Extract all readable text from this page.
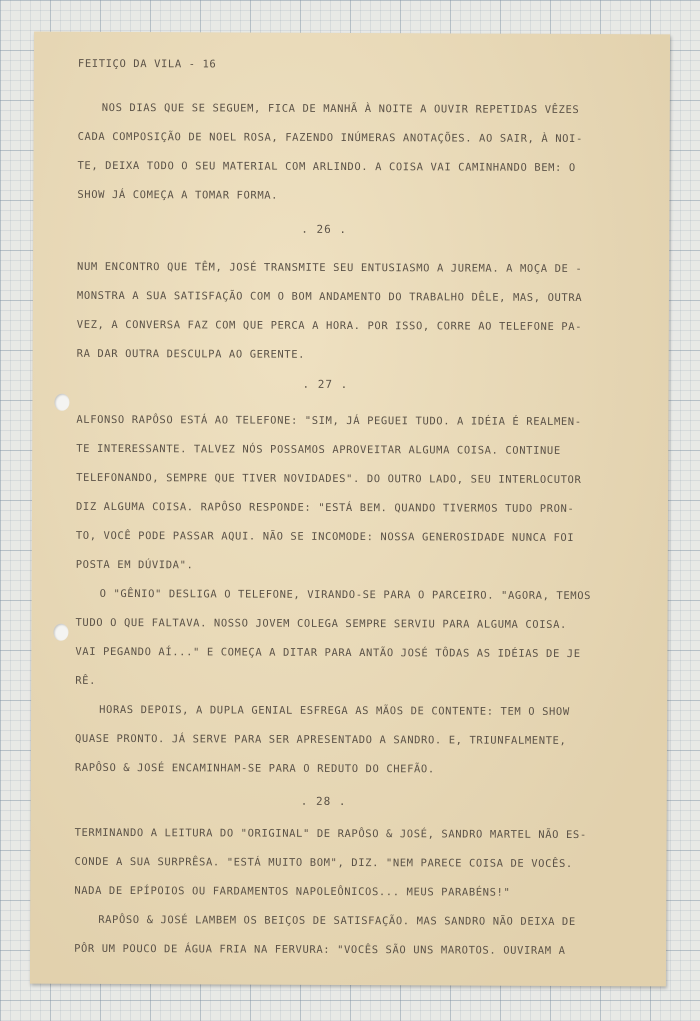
FEITIÇO DA VILA - 16

NOS DIAS QUE SE SEGUEM, FICA DE MANHÃ À NOITE A OUVIR REPETIDAS VÊZES

CADA COMPOSIÇÃO DE NOEL ROSA, FAZENDO INÚMERAS ANOTAÇÕES. AO SAIR, À NOI-

TE, DEIXA TODO O SEU MATERIAL COM ARLINDO. A COISA VAI CAMINHANDO BEM: O

SHOW JÁ COMEÇA A TOMAR FORMA.

. 26 .

NUM ENCONTRO QUE TÊM, JOSÉ TRANSMITE SEU ENTUSIASMO A JUREMA. A MOÇA DE -

MONSTRA A SUA SATISFAÇÃO COM O BOM ANDAMENTO DO TRABALHO DÊLE, MAS, OUTRA

VEZ, A CONVERSA FAZ COM QUE PERCA A HORA. POR ISSO, CORRE AO TELEFONE PA-

RA DAR OUTRA DESCULPA AO GERENTE.

. 27 .

ALFONSO RAPÔSO ESTÁ AO TELEFONE: "SIM, JÁ PEGUEI TUDO. A IDÉIA É REALMEN-

TE INTERESSANTE. TALVEZ NÓS POSSAMOS APROVEITAR ALGUMA COISA. CONTINUE

TELEFONANDO, SEMPRE QUE TIVER NOVIDADES". DO OUTRO LADO, SEU INTERLOCUTOR

DIZ ALGUMA COISA. RAPÔSO RESPONDE: "ESTÁ BEM. QUANDO TIVERMOS TUDO PRON-

TO, VOCÊ PODE PASSAR AQUI. NÃO SE INCOMODE: NOSSA GENEROSIDADE NUNCA FOI

POSTA EM DÚVIDA".

O "GÊNIO" DESLIGA O TELEFONE, VIRANDO-SE PARA O PARCEIRO. "AGORA, TEMOS

TUDO O QUE FALTAVA. NOSSO JOVEM COLEGA SEMPRE SERVIU PARA ALGUMA COISA.

VAI PEGANDO AÍ..." E COMEÇA A DITAR PARA ANTÃO JOSÉ TÔDAS AS IDÉIAS DE JE

RÊ.

HORAS DEPOIS, A DUPLA GENIAL ESFREGA AS MÃOS DE CONTENTE: TEM O SHOW

QUASE PRONTO. JÁ SERVE PARA SER APRESENTADO A SANDRO. E, TRIUNFALMENTE,

RAPÔSO & JOSÉ ENCAMINHAM-SE PARA O REDUTO DO CHEFÃO.

. 28 .

TERMINANDO A LEITURA DO "ORIGINAL" DE RAPÔSO & JOSÉ, SANDRO MARTEL NÃO ES-

CONDE A SUA SURPRÊSA. "ESTÁ MUITO BOM", DIZ. "NEM PARECE COISA DE VOCÊS.

NADA DE EPÍPOIOS OU FARDAMENTOS NAPOLEÔNICOS... MEUS PARABÉNS!"

RAPÔSO & JOSÉ LAMBEM OS BEIÇOS DE SATISFAÇÃO. MAS SANDRO NÃO DEIXA DE

PÔR UM POUCO DE ÁGUA FRIA NA FERVURA: "VOCÊS SÃO UNS MAROTOS. OUVIRAM A
